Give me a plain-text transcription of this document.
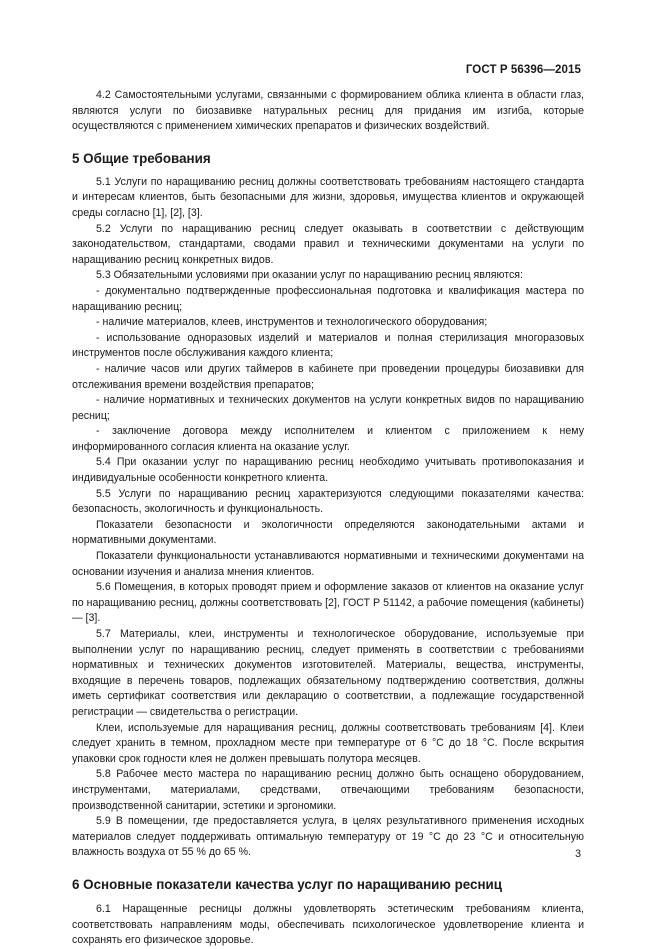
ГОСТ Р 56396—2015

4.2 Самостоятельными услугами, связанными с формированием облика клиента в области глаз, являются услуги по биозавивке натуральных ресниц для придания им изгиба, которые осуществляются с применением химических препаратов и физических воздействий.

5 Общие требования

5.1 Услуги по наращиванию ресниц должны соответствовать требованиям настоящего стандарта и интересам клиентов, быть безопасными для жизни, здоровья, имущества клиентов и окружающей среды согласно [1], [2], [3].

5.2 Услуги по наращиванию ресниц следует оказывать в соответствии с действующим законодательством, стандартами, сводами правил и техническими документами на услуги по наращиванию ресниц конкретных видов.

5.3 Обязательными условиями при оказании услуг по наращиванию ресниц являются:

- документально подтвержденные профессиональная подготовка и квалификация мастера по наращиванию ресниц;

- наличие материалов, клеев, инструментов и технологического оборудования;

- использование одноразовых изделий и материалов и полная стерилизация многоразовых инструментов после обслуживания каждого клиента;

- наличие часов или других таймеров в кабинете при проведении процедуры биозавивки для отслеживания времени воздействия препаратов;

- наличие нормативных и технических документов на услуги конкретных видов по наращиванию ресниц;

- заключение договора между исполнителем и клиентом с приложением к нему информированного согласия клиента на оказание услуг.

5.4 При оказании услуг по наращиванию ресниц необходимо учитывать противопоказания и индивидуальные особенности конкретного клиента.

5.5 Услуги по наращиванию ресниц характеризуются следующими показателями качества: безопасность, экологичность и функциональность.

Показатели безопасности и экологичности определяются законодательными актами и нормативными документами.

Показатели функциональности устанавливаются нормативными и техническими документами на основании изучения и анализа мнения клиентов.

5.6 Помещения, в которых проводят прием и оформление заказов от клиентов на оказание услуг по наращиванию ресниц, должны соответствовать [2], ГОСТ Р 51142, а рабочие помещения (кабинеты) — [3].

5.7 Материалы, клеи, инструменты и технологическое оборудование, используемые при выполнении услуг по наращиванию ресниц, следует применять в соответствии с требованиями нормативных и технических документов изготовителей. Материалы, вещества, инструменты, входящие в перечень товаров, подлежащих обязательному подтверждению соответствия, должны иметь сертификат соответствия или декларацию о соответствии, а подлежащие государственной регистрации — свидетельства о регистрации.

Клеи, используемые для наращивания ресниц, должны соответствовать требованиям [4]. Клеи следует хранить в темном, прохладном месте при температуре от 6 °С до 18 °С. После вскрытия упаковки срок годности клея не должен превышать полутора месяцев.

5.8 Рабочее место мастера по наращиванию ресниц должно быть оснащено оборудованием, инструментами, материалами, средствами, отвечающими требованиям безопасности, производственной санитарии, эстетики и эргономики.

5.9 В помещении, где предоставляется услуга, в целях результативного применения исходных материалов следует поддерживать оптимальную температуру от 19 °С до 23 °С и относительную влажность воздуха от 55 % до 65 %.

6 Основные показатели качества услуг по наращиванию ресниц

6.1 Наращенные ресницы должны удовлетворять эстетическим требованиям клиента, соответствовать направлениям моды, обеспечивать психологическое удовлетворение клиента и сохранять его физическое здоровье.

3
